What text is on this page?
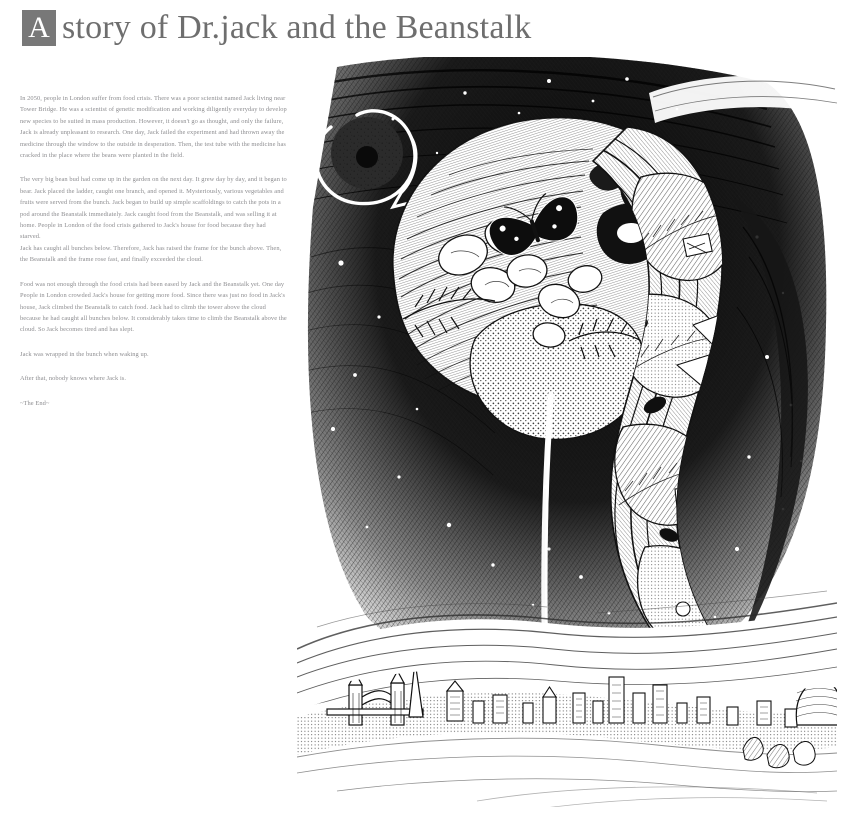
A story of Dr.jack and the Beanstalk

In 2050, people in London suffer from food crisis. There was a poor scientist named Jack living near Tower Bridge. He was a scientist of genetic modification and working diligently everyday to develop new species to be suited in mass production. However, it doesn't go as thought, and only the failure, Jack is already unpleasant to research. One day, Jack failed the experiment and had thrown away the medicine through the window to the outside in desperation. Then, the test tube with the medicine has cracked in the place where the beans were planted in the field.

The very big bean bud had come up in the garden on the next day. It grew day by day, and it began to bear. Jack placed the ladder, caught one branch, and opened it. Mysteriously, various vegetables and fruits were served from the bunch. Jack began to build up simple scaffoldings to catch the pots in a pod around the Beanstalk immediately. Jack caught food from the Beanstalk, and was selling it at home. People in London of the food crisis gathered to Jack's house for food because they had starved.

Jack has caught all bunches below. Therefore, Jack has raised the frame for the bunch above. Then, the Beanstalk and the frame rose fast, and finally exceeded the cloud.

Food was not enough through the food crisis had been eased by Jack and the Beanstalk yet. One day People in London crowded Jack's house for getting more food. Since there was just no food in Jack's house, Jack climbed the Beanstalk to catch food. Jack had to climb the tower above the cloud because he had caught all bunches below. It considerably takes time to climb the Beanstalk above the cloud. So Jack becomes tired and has slept.

Jack was wrapped in the bunch when waking up.

After that, nobody knows where Jack is.

~The End~
